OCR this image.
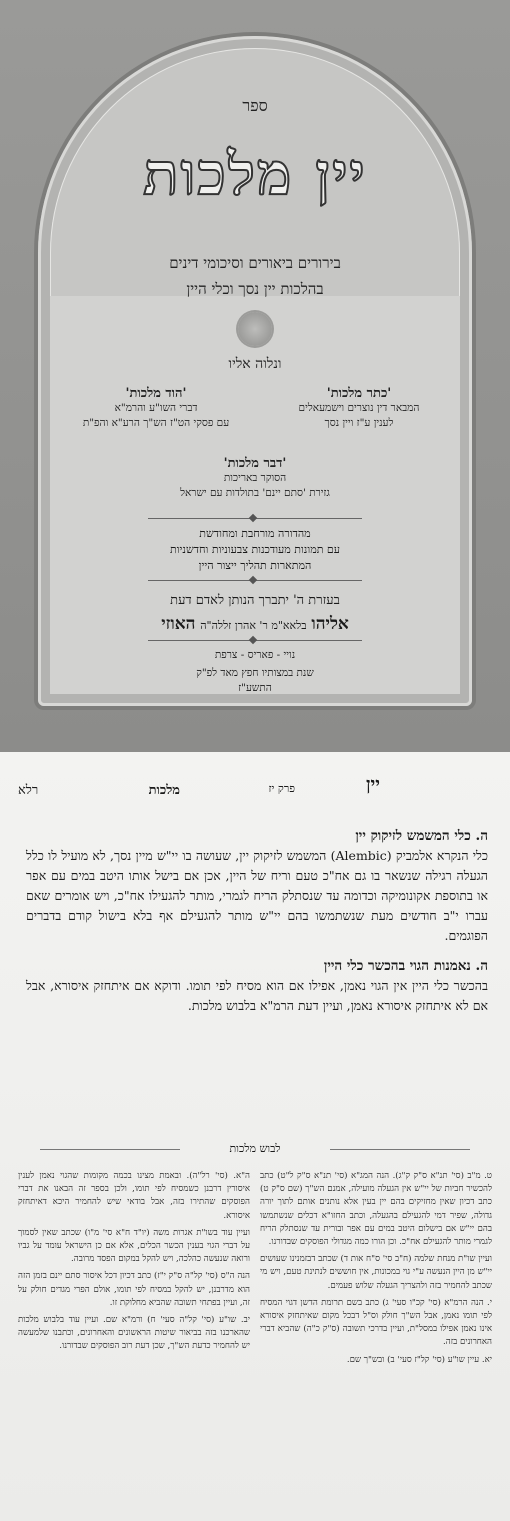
ספר
יין מלכות
בירורים ביאורים וסיכומי דינים
בהלכות יין נסך וכלי היין
ונלוה אליו
'כתר מלכות'
המבאר דין נוצרים וישמעאלים
לענין ע"ז ויין נסך
'הוד מלכות'
דברי השו"ע והרמ"א
עם פסקי הט"ז הש"ך הרע"א והפ"ת
'דבר מלכות'
הסוקר באריכות
גזירת 'סתם יינם' בתולדות עם ישראל
מהדורה מורחבת ומחודשת
עם תמונות מעודכנות צבעוניות וחדשניות
המתארות תהליך ייצור היין
בעזרת ה' יתברך הנותן לאדם דעת
אליהו בלאא"מ ר' אהרן זללה"ה האוזי
נויי - פאריס - צרפת
שנת במצותיו חפץ מאד לפ"ק
התשע"ז
יין
פרק יז
מלכות
רלא
ה. כלי המשמש לזיקוק יין
כלי הנקרא אלמביק (Alembic) המשמש לזיקוק יין, שעושה בו יי"ש מיין נסך, לא מועיל לו כלל הגעלה רגילה שנשאר בו גם אח"כ טעם וריח של היין, אכן אם בישל אותו היטב במים עם אפר או בתוספת אקונומיקה וכדומה עד שנסתלק הריח לגמרי, מותר להגעילו אח"כ, ויש אומרים שאם עברו י"ב חודשים מעת שנשתמשו בהם יי"ש מותר להגעילם אף בלא בישול קודם בדברים הפוגמים.
ה. נאמנות הגוי בהכשר כלי היין
בהכשר כלי היין אין הגוי נאמן, אפילו אם הוא מסיח לפי תומו. ודוקא אם איתחזק איסורא, אבל אם לא איתחזק איסורא נאמן, ועיין דעת הרמ"א בלבוש מלכות.
לבוש מלכות

ט. מ"ב (סי' תנ"א ס"ק ק"ג). הנה המג"א (סי' תנ"א ס"ק ל"ט) כתב להכשיר חביות של יי"ש אין הגעלה מועילה, אמנם הש"ך (שם ס"ק ט) כתב דכיון שאין מחזיקים בהם יין בעין אלא נותנים אותם לתוך יורה גדולה, שפיר דמי להגעילם בהגעלה, וכתב החזו"א דכלים שנשתמשו בהם יי"ש אם בישלום היטב במים עם אפר ובורית עד שנסתלק הריח לגמרי מותר להגעילם אח"כ. וכן הורו כמה מגדולי הפוסקים שבדורנו.

ועיין שו"ת מנחת שלמה (ח"ב סי' ס"ח אות ד) שכתב דבזמנינו שעושים יי"ש מן היין הנעשה ע"י גוי במכונות, אין חוששים לנתינת טעם, ויש מי שכתב להחמיר בזה ולהצריך הגעלה שלוש פעמים.

י. הנה הרמ"א (סי' קכ"ו סעי' ג) כתב בשם תרומת הדשן דגוי המסיח לפי תומו נאמן, אבל הש"ך חולק וס"ל דבכל מקום שאיתחזק איסורא אינו נאמן אפילו במסל"ת, ועיין בדרכי תשובה (ס"ק כ"ה) שהביא דברי האחרונים בזה.

יא. עיין שו"ע (סי' קל"ז סעי' ב) ובש"ך שם.

ה"א. (סי' רל"ה). ובאמת מצינו בכמה מקומות שהגוי נאמן לענין איסורין דרבנן כשמסיח לפי תומו, ולכן בספר זה הבאנו את דברי הפוסקים שהתירו בזה, אבל בודאי שיש להחמיר היכא דאיתחזק איסורא.

ועיין עוד בשו"ת אגרות משה (יו"ד ח"א סי' מ"ו) שכתב שאין לסמוך על דברי הגוי בענין הכשר הכלים, אלא אם כן הישראל עומד על גביו ורואה שנעשה כהלכה, ויש להקל במקום הפסד מרובה.

הנה ה"ס (סי' קל"ה ס"ק י"ז) כתב דכיון דכל איסור סתם יינם בזמן הזה הוא מדרבנן, יש להקל במסיח לפי תומו, אולם הפרי מגדים חולק על זה, ועיין בפתחי תשובה שהביא מחלוקת זו.

יב. שו"ע (סי' קל"ה סעי' ח) ורמ"א שם. ועיין עוד בלבוש מלכות שהארכנו בזה בביאור שיטות הראשונים והאחרונים, וכתבנו שלמעשה יש להחמיר כדעת הש"ך, שכן דעת רוב הפוסקים שבדורנו.
